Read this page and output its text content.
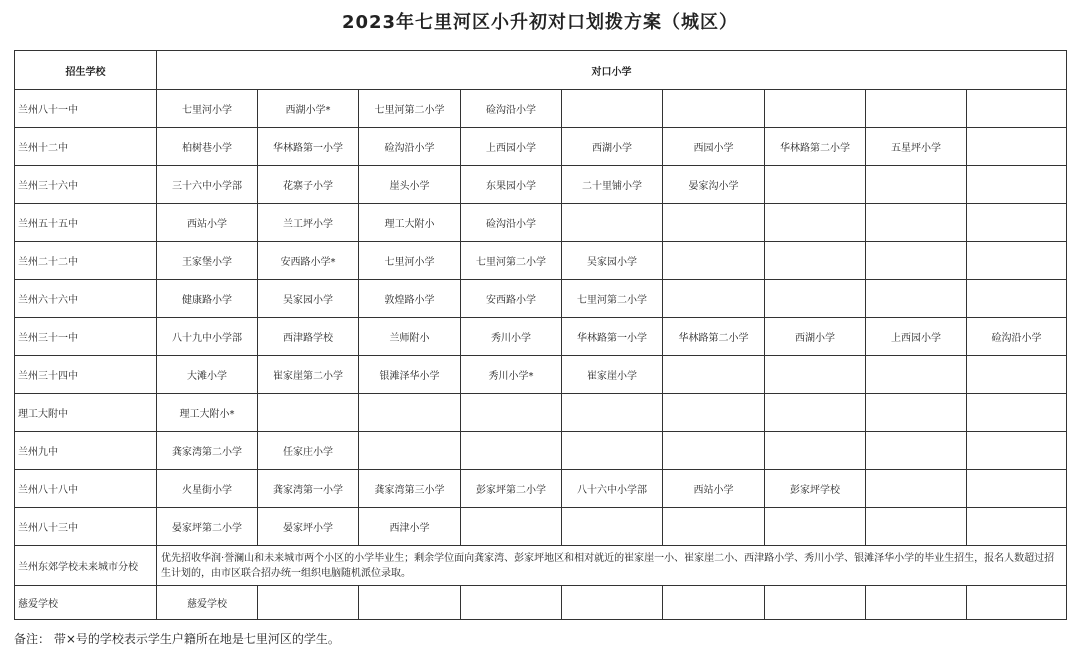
2023年七里河区小升初对口划拨方案（城区）
招生学校	对口小学								
兰州八十一中	七里河小学	西湖小学*	七里河第二小学	硷沟沿小学					
兰州十二中	柏树巷小学	华林路第一小学	硷沟沿小学	上西园小学	西湖小学	西园小学	华林路第二小学	五星坪小学	
兰州三十六中	三十六中小学部	花寨子小学	崖头小学	东果园小学	二十里铺小学	晏家沟小学			
兰州五十五中	西站小学	兰工坪小学	理工大附小	硷沟沿小学					
兰州二十二中	王家堡小学	安西路小学*	七里河小学	七里河第二小学	吴家园小学				
兰州六十六中	健康路小学	吴家园小学	敦煌路小学	安西路小学	七里河第二小学				
兰州三十一中	八十九中小学部	西津路学校	兰师附小	秀川小学	华林路第一小学	华林路第二小学	西湖小学	上西园小学	硷沟沿小学
兰州三十四中	大滩小学	崔家崖第二小学	银滩泽华小学	秀川小学*	崔家崖小学				
理工大附中	理工大附小*								
兰州九中	龚家湾第二小学	任家庄小学							
兰州八十八中	火星街小学	龚家湾第一小学	龚家湾第三小学	彭家坪第二小学	八十六中小学部	西站小学	彭家坪学校		
兰州八十三中	晏家坪第二小学	晏家坪小学	西津小学						
兰州东郊学校未来城市分校	优先招收华润·誉澜山和未来城市两个小区的小学毕业生；剩余学位面向龚家湾、彭家坪地区和相对就近的崔家崖一小、崔家崖二小、西津路小学、秀川小学、银滩泽华小学的毕业生招生，报名人数超过招生计划的，由市区联合招办统一组织电脑随机派位录取。								
慈爱学校	慈爱学校								
备注： 带×号的学校表示学生户籍所在地是七里河区的学生。
